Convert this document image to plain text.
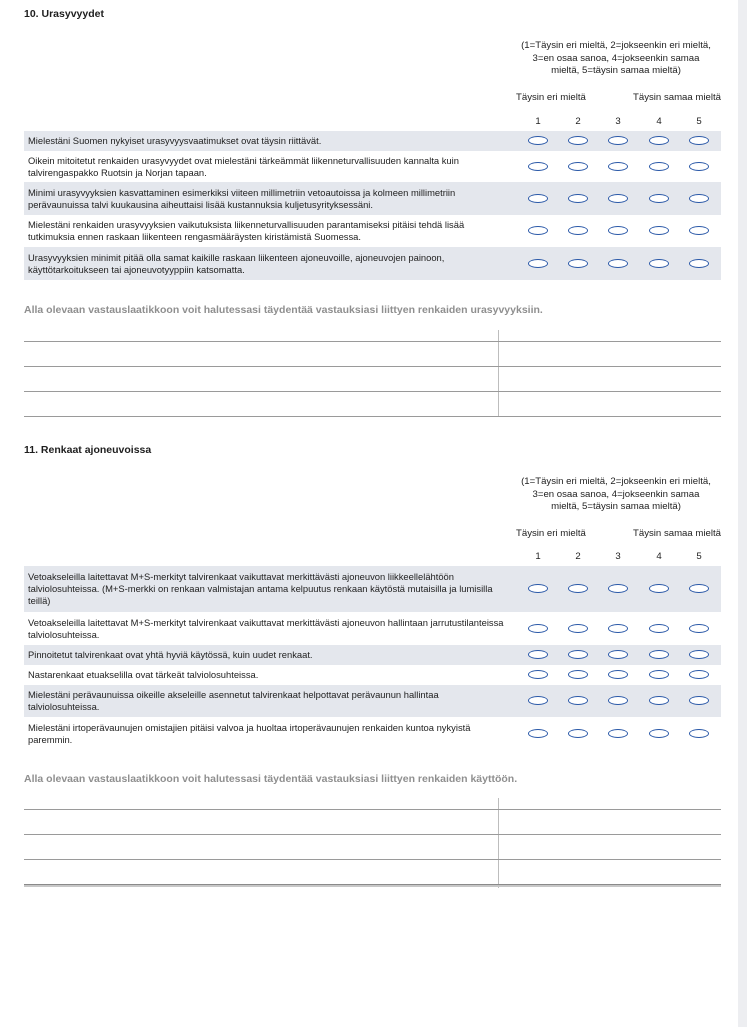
10. Urasyvyydet
(1=Täysin eri mieltä, 2=jokseenkin eri mieltä, 3=en osaa sanoa, 4=jokseenkin samaa mieltä, 5=täysin samaa mieltä)
Täysin eri mieltä	Täysin samaa mieltä
1	2	3	4	5
Mielestäni Suomen nykyiset urasyvyysvaatimukset ovat täysin riittävät.
Oikein mitoitetut renkaiden urasyvyydet ovat mielestäni tärkeämmät liikenneturvallisuuden kannalta kuin talvirengaspakko Ruotsin ja Norjan tapaan.
Minimi urasyvyyksien kasvattaminen esimerkiksi viiteen millimetriin vetoautoissa ja kolmeen millimetriin perävaunuissa talvi kuukausina aiheuttaisi lisää kustannuksia kuljetusyrityksessäni.
Mielestäni renkaiden urasyvyyksien vaikutuksista liikenneturvallisuuden parantamiseksi pitäisi tehdä lisää tutkimuksia ennen raskaan liikenteen rengasmääräysten kiristämistä Suomessa.
Urasyvyyksien minimit pitää olla samat kaikille raskaan liikenteen ajoneuvoille, ajoneuvojen painoon, käyttötarkoitukseen tai ajoneuvotyyppiin katsomatta.
Alla olevaan vastauslaatikkoon voit halutessasi täydentää vastauksiasi liittyen renkaiden urasyvyyksiin.
11. Renkaat ajoneuvoissa
(1=Täysin eri mieltä, 2=jokseenkin eri mieltä, 3=en osaa sanoa, 4=jokseenkin samaa mieltä, 5=täysin samaa mieltä)
Täysin eri mieltä	Täysin samaa mieltä
1	2	3	4	5
Vetoakseleilla laitettavat M+S-merkityt talvirenkaat vaikuttavat merkittävästi ajoneuvon liikkeellelähtöön talviolosuhteissa. (M+S-merkki on renkaan valmistajan antama kelpuutus renkaan käytöstä mutaisilla ja lumisilla teillä)
Vetoakseleilla laitettavat M+S-merkityt talvirenkaat vaikuttavat merkittävästi ajoneuvon hallintaan jarrutustilanteissa talviolosuhteissa.
Pinnoitetut talvirenkaat ovat yhtä hyviä käytössä, kuin uudet renkaat.
Nastarenkaat etuakselilla ovat tärkeät talviolosuhteissa.
Mielestäni perävaunuissa oikeille akseleille asennetut talvirenkaat helpottavat perävaunun hallintaa talviolosuhteissa.
Mielestäni irtoperävaunujen omistajien pitäisi valvoa ja huoltaa irtoperävaunujen renkaiden kuntoa nykyistä paremmin.
Alla olevaan vastauslaatikkoon voit halutessasi täydentää vastauksiasi liittyen renkaiden käyttöön.
